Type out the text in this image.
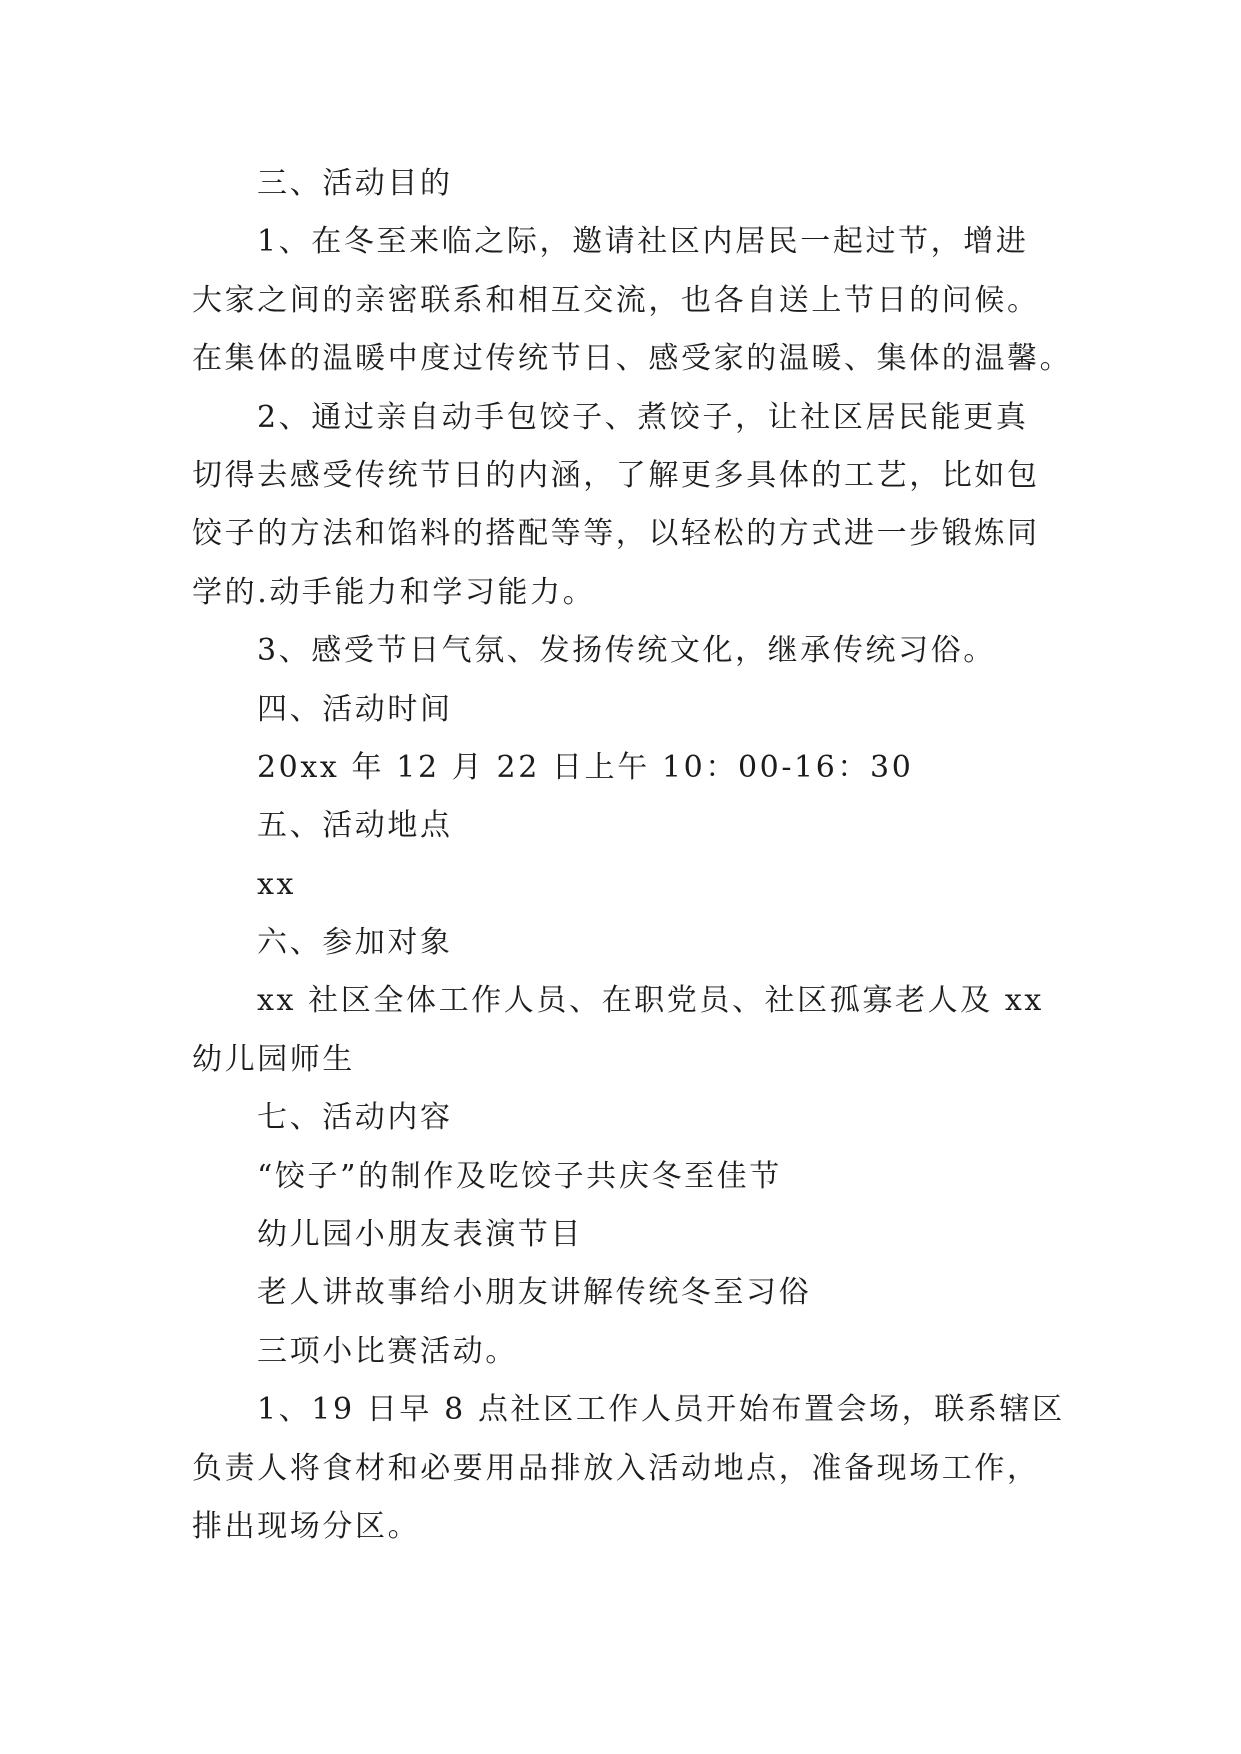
三、活动目的
1、在冬至来临之际，邀请社区内居民一起过节，增进
大家之间的亲密联系和相互交流，也各自送上节日的问候。
在集体的温暖中度过传统节日、感受家的温暖、集体的温馨。
2、通过亲自动手包饺子、煮饺子，让社区居民能更真
切得去感受传统节日的内涵，了解更多具体的工艺，比如包
饺子的方法和馅料的搭配等等，以轻松的方式进一步锻炼同
学的.动手能力和学习能力。
3、感受节日气氛、发扬传统文化，继承传统习俗。
四、活动时间
20xx 年 12 月 22 日上午 10：00-16：30
五、活动地点
xx
六、参加对象
xx 社区全体工作人员、在职党员、社区孤寡老人及 xx
幼儿园师生
七、活动内容
“饺子”的制作及吃饺子共庆冬至佳节
幼儿园小朋友表演节目
老人讲故事给小朋友讲解传统冬至习俗
三项小比赛活动。
1、19 日早 8 点社区工作人员开始布置会场，联系辖区
负责人将食材和必要用品排放入活动地点，准备现场工作，
排出现场分区。
